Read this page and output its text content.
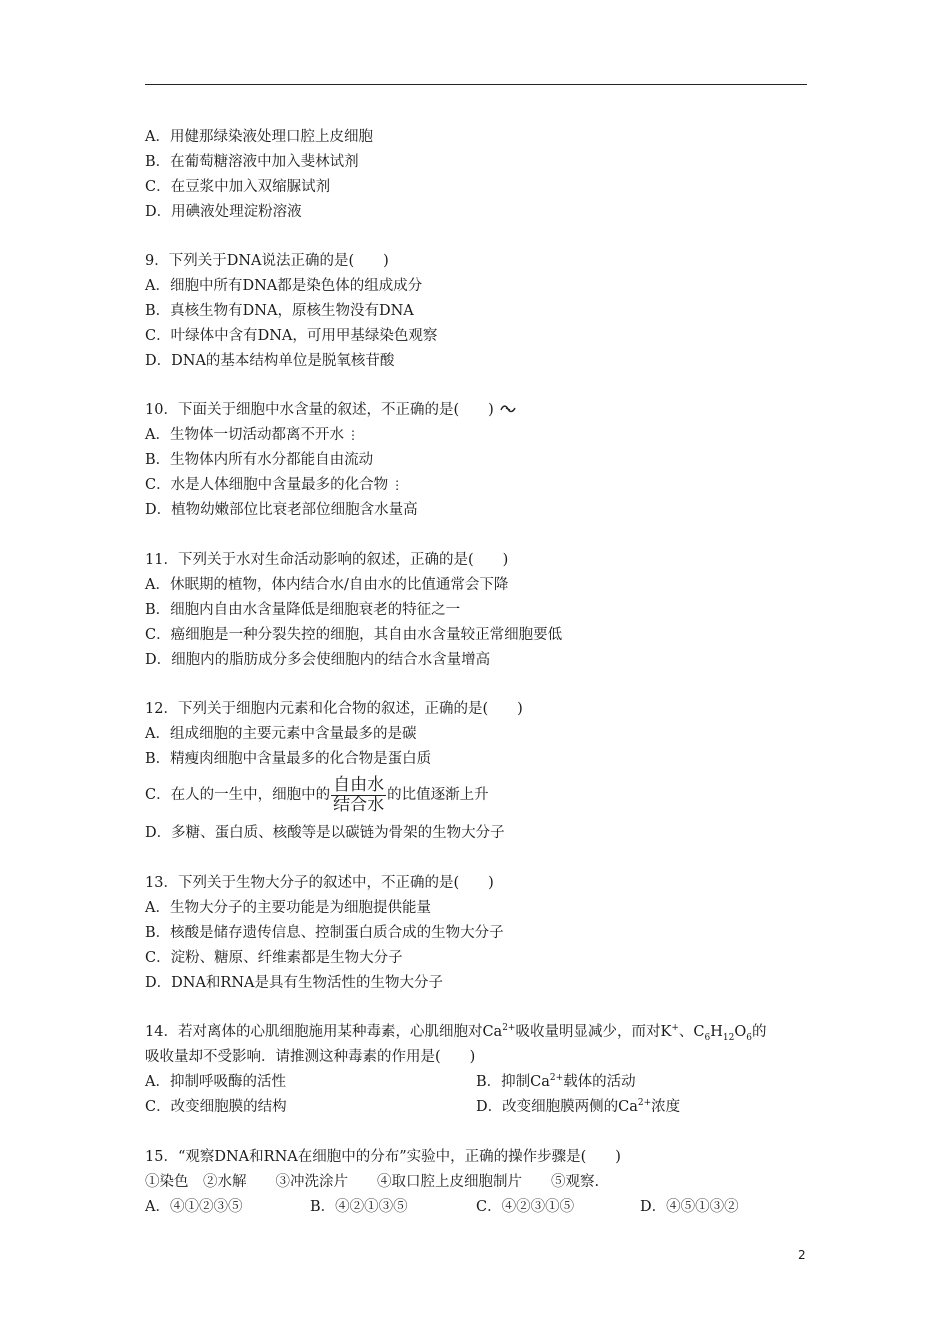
A．用健那绿染液处理口腔上皮细胞
B．在葡萄糖溶液中加入斐林试剂
C．在豆浆中加入双缩脲试剂
D．用碘液处理淀粉溶液
9．下列关于DNA说法正确的是(　　)
A．细胞中所有DNA都是染色体的组成成分
B．真核生物有DNA，原核生物没有DNA
C．叶绿体中含有DNA，可用甲基绿染色观察
D．DNA的基本结构单位是脱氧核苷酸
10．下面关于细胞中水含量的叙述，不正确的是(　　)
A．生物体一切活动都离不开水 ⋮
B．生物体内所有水分都能自由流动
C．水是人体细胞中含量最多的化合物 ⋮
D．植物幼嫩部位比衰老部位细胞含水量高
11．下列关于水对生命活动影响的叙述，正确的是(　　)
A．休眠期的植物，体内结合水/自由水的比值通常会下降
B．细胞内自由水含量降低是细胞衰老的特征之一
C．癌细胞是一种分裂失控的细胞，其自由水含量较正常细胞要低
D．细胞内的脂肪成分多会使细胞内的结合水含量增高
12．下列关于细胞内元素和化合物的叙述，正确的是(　　)
A．组成细胞的主要元素中含量最多的是碳
B．精瘦肉细胞中含量最多的化合物是蛋白质
C．在人的一生中，细胞中的 $\frac{\text{自由水}}{\text{结合水}}$ 的比值逐渐上升
D．多糖、蛋白质、核酸等是以碳链为骨架的生物大分子
13．下列关于生物大分子的叙述中，不正确的是(　　)
A．生物大分子的主要功能是为细胞提供能量
B．核酸是储存遗传信息、控制蛋白质合成的生物大分子
C．淀粉、糖原、纤维素都是生物大分子
D．DNA和RNA是具有生物活性的生物大分子
14．若对离体的心肌细胞施用某种毒素，心肌细胞对$Ca^{2+}$吸收量明显减少，而对K+、$C_6H_{12}O_6$的
吸收量却不受影响．请推测这种毒素的作用是(　　)
A．抑制呼吸酶的活性	B．抑制$Ca^{2+}$载体的活动
C．改变细胞膜的结构	D．改变细胞膜两侧的$Ca^{2+}$浓度
15．“观察DNA和RNA在细胞中的分布”实验中，正确的操作步骤是(　　)
①染色　②水解　　③冲洗涂片　　④取口腔上皮细胞制片　　⑤观察.
A．④①②③⑤	B．④②①③⑤	C．④②③①⑤	D．④⑤①③②
2
